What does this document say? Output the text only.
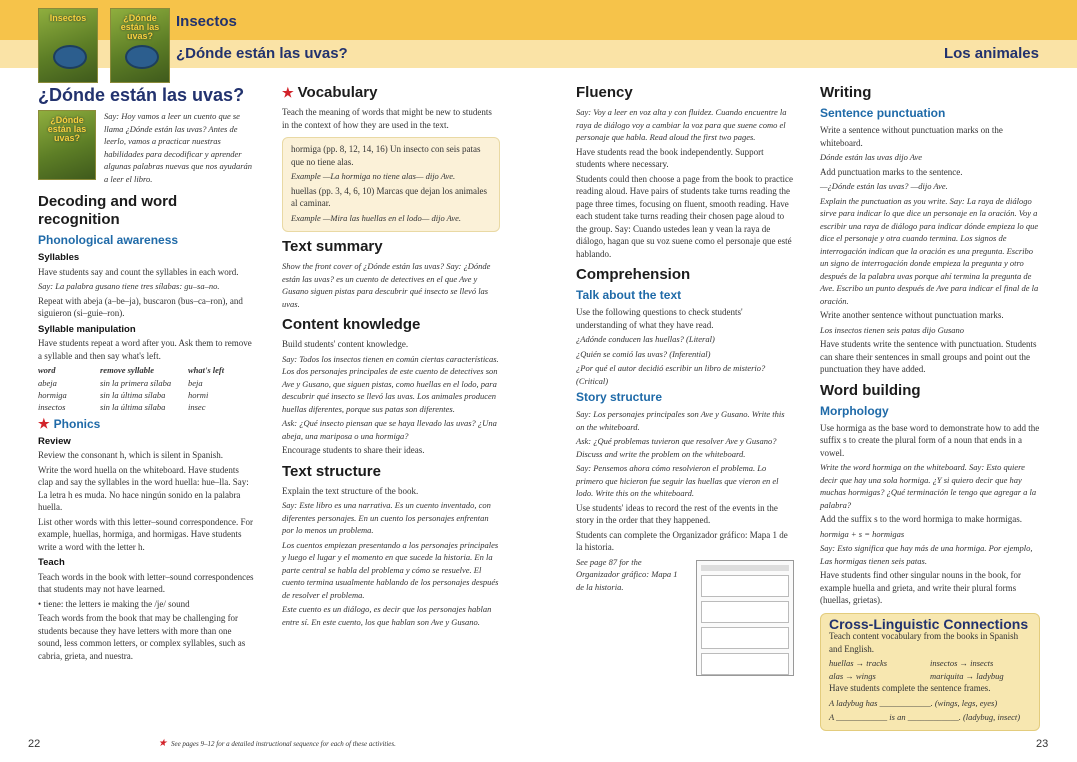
Insectos	¿Dónde están las uvas?
Insectos
¿Dónde están las uvas?	Los animales
¿Dónde están las uvas?
¿Dónde están las uvas?

Say: Hoy vamos a leer un cuento que se llama ¿Dónde están las uvas? Antes de leerlo, vamos a practicar nuestras habilidades para decodificar y aprender algunas palabras nuevas que nos ayudarán a leer el libro.

Decoding and word recognition
Phonological awareness
Syllables

Have students say and count the syllables in each word.

Say: La palabra gusano tiene tres sílabas: gu–sa–no.

Repeat with abeja (a–be–ja), buscaron (bus–ca–ron), and siguieron (si–guie–ron).

Syllable manipulation

Have students repeat a word after you. Ask them to remove a syllable and then say what's left.

word	remove syllable	what's left
abeja	sin la primera sílaba	beja
hormiga	sin la última sílaba	hormi
insectos	sin la última sílaba	insec
★ Phonics
Review

Review the consonant h, which is silent in Spanish.

Write the word huella on the whiteboard. Have students clap and say the syllables in the word huella: hue–lla. Say: La letra h es muda. No hace ningún sonido en la palabra huella.

List other words with this letter–sound correspondence. For example, huellas, hormiga, and hormigas. Have students write a word with the letter h.

Teach

Teach words in the book with letter–sound correspondences that students may not have learned.

• tiene: the letters ie making the /je/ sound

Teach words from the book that may be challenging for students because they have letters with more than one sound, less common letters, or complex syllables, such as cabria, grieta, and nuestra.

★ Vocabulary

Teach the meaning of words that might be new to students in the context of how they are used in the text.

hormiga (pp. 8, 12, 14, 16) Un insecto con seis patas que no tiene alas.

Example —La hormiga no tiene alas— dijo Ave.

huellas (pp. 3, 4, 6, 10) Marcas que dejan los animales al caminar.

Example —Mira las huellas en el lodo— dijo Ave.

Text summary

Show the front cover of ¿Dónde están las uvas? Say: ¿Dónde están las uvas? es un cuento de detectives en el que Ave y Gusano siguen pistas para descubrir qué insecto se llevó las uvas.

Content knowledge

Build students' content knowledge.

Say: Todos los insectos tienen en común ciertas características. Los dos personajes principales de este cuento de detectives son Ave y Gusano, que siguen pistas, como huellas en el lodo, para descubrir qué insecto se llevó las uvas. Los animales producen huellas diferentes, porque sus patas son diferentes.

Ask: ¿Qué insecto piensan que se haya llevado las uvas? ¿Una abeja, una mariposa o una hormiga?

Encourage students to share their ideas.

Text structure

Explain the text structure of the book.

Say: Este libro es una narrativa. Es un cuento inventado, con diferentes personajes. En un cuento los personajes enfrentan por lo menos un problema.

Los cuentos empiezan presentando a los personajes principales y luego el lugar y el momento en que sucede la historia. En la parte central se habla del problema y cómo se resuelve. El cuento termina usualmente hablando de los personajes después de resolver el problema.

Este cuento es un diálogo, es decir que los personajes hablan entre sí. En este cuento, los que hablan son Ave y Gusano.

Fluency

Say: Voy a leer en voz alta y con fluidez. Cuando encuentre la raya de diálogo voy a cambiar la voz para que suene como el personaje que habla. Read aloud the first two pages.

Have students read the book independently. Support students where necessary.

Students could then choose a page from the book to practice reading aloud. Have pairs of students take turns reading the page three times, focusing on fluent, smooth reading. Have each student take turns reading their chosen page aloud to the group. Say: Cuando ustedes lean y vean la raya de diálogo, hagan que su voz suene como el personaje que esté hablando.

Comprehension
Talk about the text

Use the following questions to check students' understanding of what they have read.

¿Adónde conducen las huellas? (Literal)

¿Quién se comió las uvas? (Inferential)

¿Por qué el autor decidió escribir un libro de misterio? (Critical)

Story structure

Say: Los personajes principales son Ave y Gusano. Write this on the whiteboard.

Ask: ¿Qué problemas tuvieron que resolver Ave y Gusano? Discuss and write the problem on the whiteboard.

Say: Pensemos ahora cómo resolvieron el problema. Lo primero que hicieron fue seguir las huellas que vieron en el lodo. Write this on the whiteboard.

Use students' ideas to record the rest of the events in the story in the order that they happened.

Students can complete the Organizador gráfico: Mapa 1 de la historia.

See page 87 for the Organizador gráfico: Mapa 1 de la historia.

Writing
Sentence punctuation

Write a sentence without punctuation marks on the whiteboard.

Dónde están las uvas dijo Ave

Add punctuation marks to the sentence.

—¿Dónde están las uvas? —dijo Ave.

Explain the punctuation as you write. Say: La raya de diálogo sirve para indicar lo que dice un personaje en la oración. Voy a escribir una raya de diálogo para indicar dónde empieza lo que dice el personaje y otra cuando termina. Los signos de interrogación indican que la oración es una pregunta. Escribo un signo de interrogación donde empieza la pregunta y otro después de la palabra uvas porque ahí termina la pregunta de Ave. Escribo un punto después de Ave para indicar el final de la oración.

Write another sentence without punctuation marks.

Los insectos tienen seis patas dijo Gusano

Have students write the sentence with punctuation. Students can share their sentences in small groups and point out the punctuation they have added.

Word building
Morphology

Use hormiga as the base word to demonstrate how to add the suffix s to create the plural form of a noun that ends in a vowel.

Write the word hormiga on the whiteboard. Say: Esto quiere decir que hay una sola hormiga. ¿Y si quiero decir que hay muchas hormigas? ¿Qué terminación le tengo que agregar a la palabra?

Add the suffix s to the word hormiga to make hormigas.

hormiga + s = hormigas

Say: Esto significa que hay más de una hormiga. Por ejemplo, Las hormigas tienen seis patas.

Have students find other singular nouns in the book, for example huella and grieta, and write their plural forms (huellas, grietas).

Cross-Linguistic Connections

Teach content vocabulary from the books in Spanish and English.

huellas → tracks	insectos → insects
alas → wings	mariquita → ladybug

Have students complete the sentence frames.

A ladybug has ____________. (wings, legs, eyes)

A ____________ is an ____________. (ladybug, insect)

22	★ See pages 9–12 for a detailed instructional sequence for each of these activities.	23
